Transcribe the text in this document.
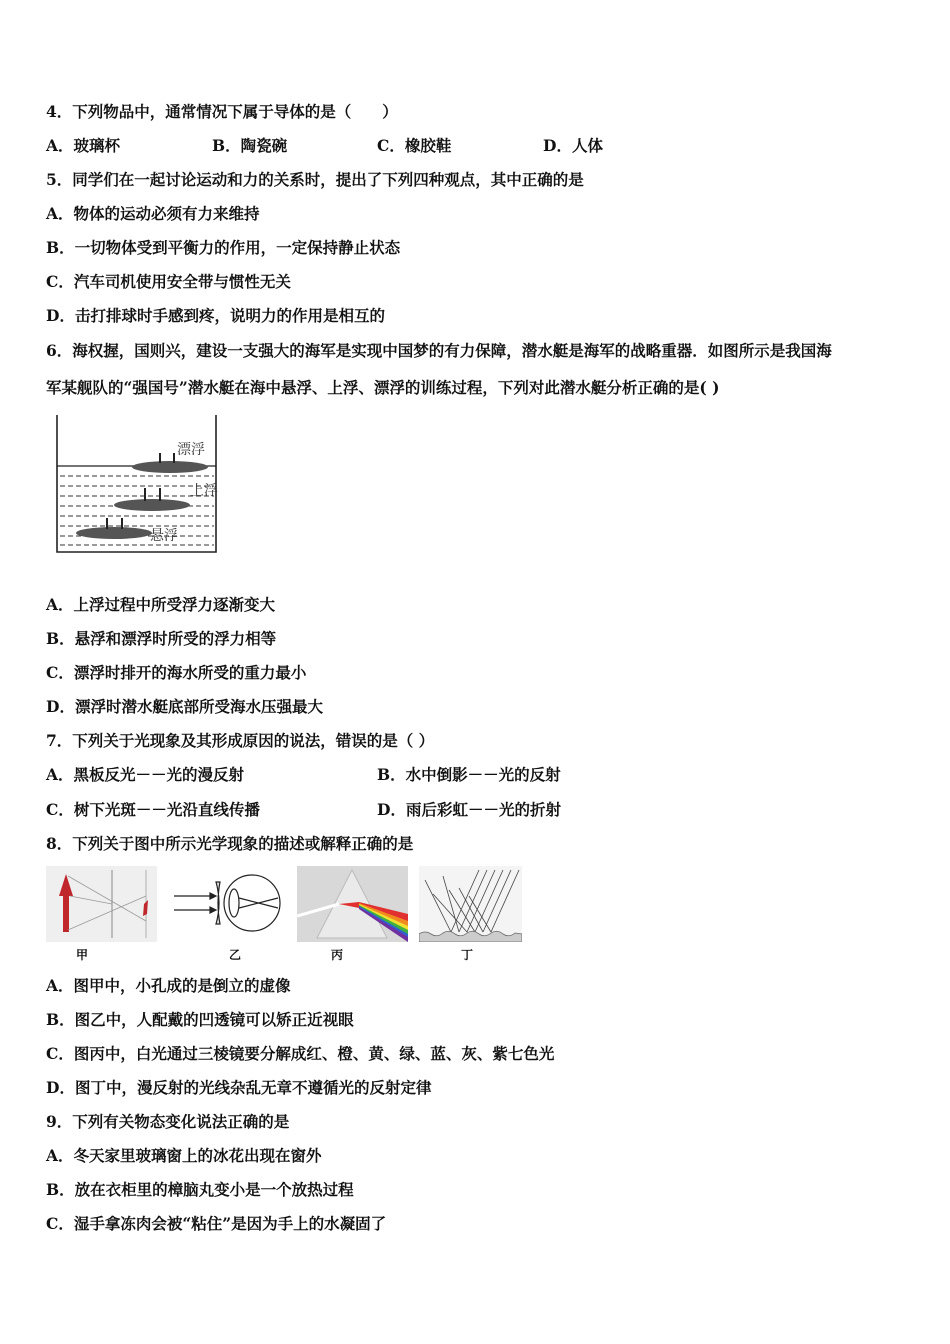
4．下列物品中，通常情况下属于导体的是（　　）
A．玻璃杯	B．陶瓷碗	C．橡胶鞋	D．人体
5．同学们在一起讨论运动和力的关系时，提出了下列四种观点，其中正确的是
A．物体的运动必须有力来维持
B．一切物体受到平衡力的作用，一定保持静止状态
C．汽车司机使用安全带与惯性无关
D．击打排球时手感到疼，说明力的作用是相互的
6．海权握，国则兴，建设一支强大的海军是实现中国梦的有力保障，潜水艇是海军的战略重器．如图所示是我国海
军某舰队的“强国号”潜水艇在海中悬浮、上浮、漂浮的训练过程，下列对此潜水艇分析正确的是( )
漂浮
上浮
悬浮
A．上浮过程中所受浮力逐渐变大
B．悬浮和漂浮时所受的浮力相等
C．漂浮时排开的海水所受的重力最小
D．漂浮时潜水艇底部所受海水压强最大
7．下列关于光现象及其形成原因的说法，错误的是（ ）
A．黑板反光－－光的漫反射	B．水中倒影－－光的反射
C．树下光斑－－光沿直线传播	D．雨后彩虹－－光的折射
8．下列关于图中所示光学现象的描述或解释正确的是
甲	乙	丙	丁
A．图甲中，小孔成的是倒立的虚像
B．图乙中，人配戴的凹透镜可以矫正近视眼
C．图丙中，白光通过三棱镜要分解成红、橙、黄、绿、蓝、灰、紫七色光
D．图丁中，漫反射的光线杂乱无章不遵循光的反射定律
9．下列有关物态变化说法正确的是
A．冬天家里玻璃窗上的冰花出现在窗外
B．放在衣柜里的樟脑丸变小是一个放热过程
C．湿手拿冻肉会被“粘住”是因为手上的水凝固了
